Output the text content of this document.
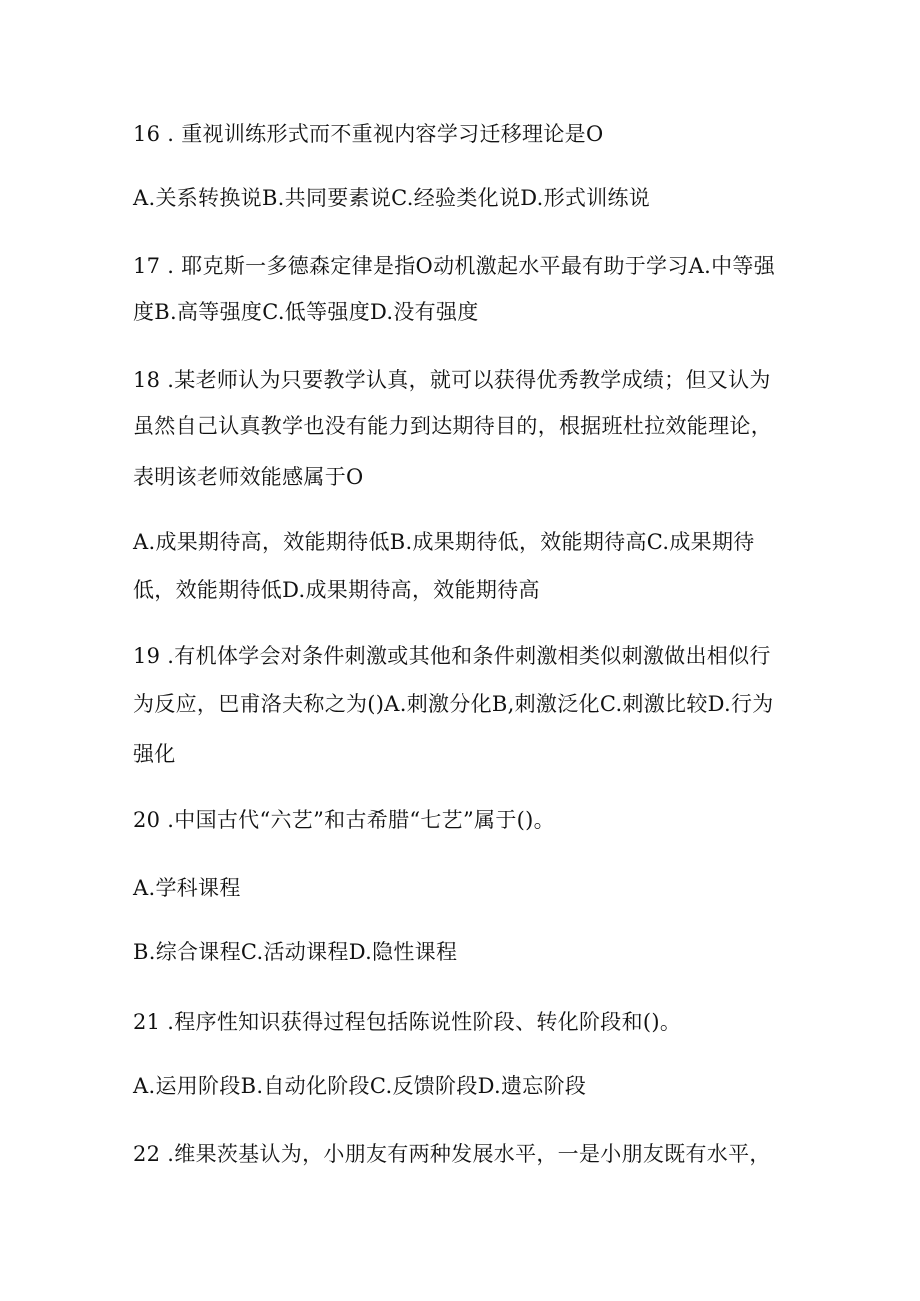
16 . 重视训练形式而不重视内容学习迁移理论是O
A.关系转换说B.共同要素说C.经验类化说D.形式训练说
17 . 耶克斯一多德森定律是指O动机激起水平最有助于学习A.中等强
度B.高等强度C.低等强度D.没有强度
18 .某老师认为只要教学认真，就可以获得优秀教学成绩；但又认为
虽然自己认真教学也没有能力到达期待目的，根据班杜拉效能理论，
表明该老师效能感属于O
A.成果期待高，效能期待低B.成果期待低，效能期待高C.成果期待
低，效能期待低D.成果期待高，效能期待高
19 .有机体学会对条件刺激或其他和条件刺激相类似刺激做出相似行
为反应，巴甫洛夫称之为()A.刺激分化B,刺激泛化C.刺激比较D.行为
强化
20 .中国古代“六艺”和古希腊“七艺”属于()。
A.学科课程
B.综合课程C.活动课程D.隐性课程
21 .程序性知识获得过程包括陈说性阶段、转化阶段和()。
A.运用阶段B.自动化阶段C.反馈阶段D.遗忘阶段
22 .维果茨基认为，小朋友有两种发展水平，一是小朋友既有水平，
